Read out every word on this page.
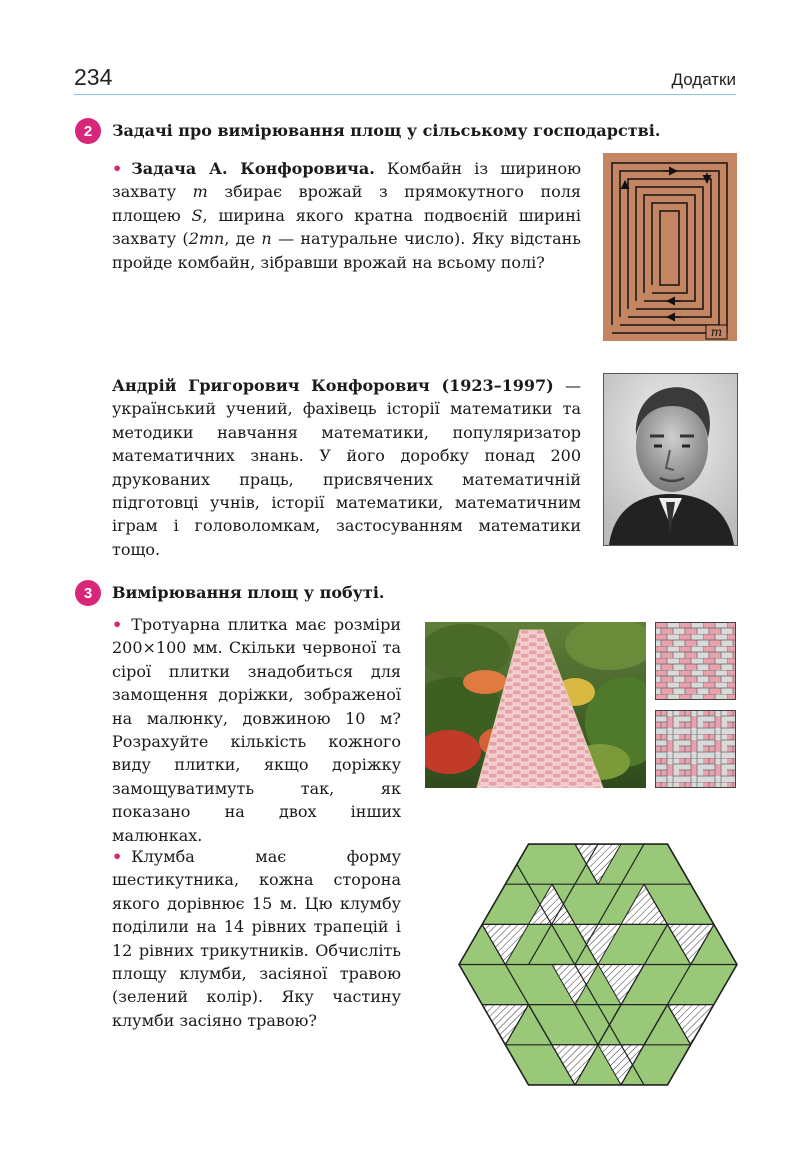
234	Додатки
2	Задачі про вимірювання площ у сільському господарстві.
• Задача А. Конфоровича. Комбайн із шириною захвату m збирає врожай з прямокутного поля площею S, ширина якого кратна подвоєній ширині захвату (2mn, де n — натуральне число). Яку відстань пройде комбайн, зібравши врожай на всьому полі?
m
Андрій Григорович Конфорович (1923–1997) — український учений, фахівець історії математики та методики навчання математики, популяризатор математичних знань. У його доробку понад 200 друкованих праць, присвячених математичній підготовці учнів, історії математики, математичним іграм і головоломкам, застосуванням математики тощо.
3	Вимірювання площ у побуті.
• Тротуарна плитка має розміри 200×100 мм. Скільки червоної та сірої плитки знадобиться для замощення доріжки, зображеної на малюнку, довжиною 10 м? Розрахуйте кількість кожного виду плитки, якщо доріжку замощуватимуть так, як показано на двох інших малюнках.
• Клумба має форму шестикутника, кожна сторона якого дорівнює 15 м. Цю клумбу поділили на 14 рівних трапецій і 12 рівних трикутників. Обчисліть площу клумби, засіяної травою (зелений колір). Яку частину клумби засіяно травою?
